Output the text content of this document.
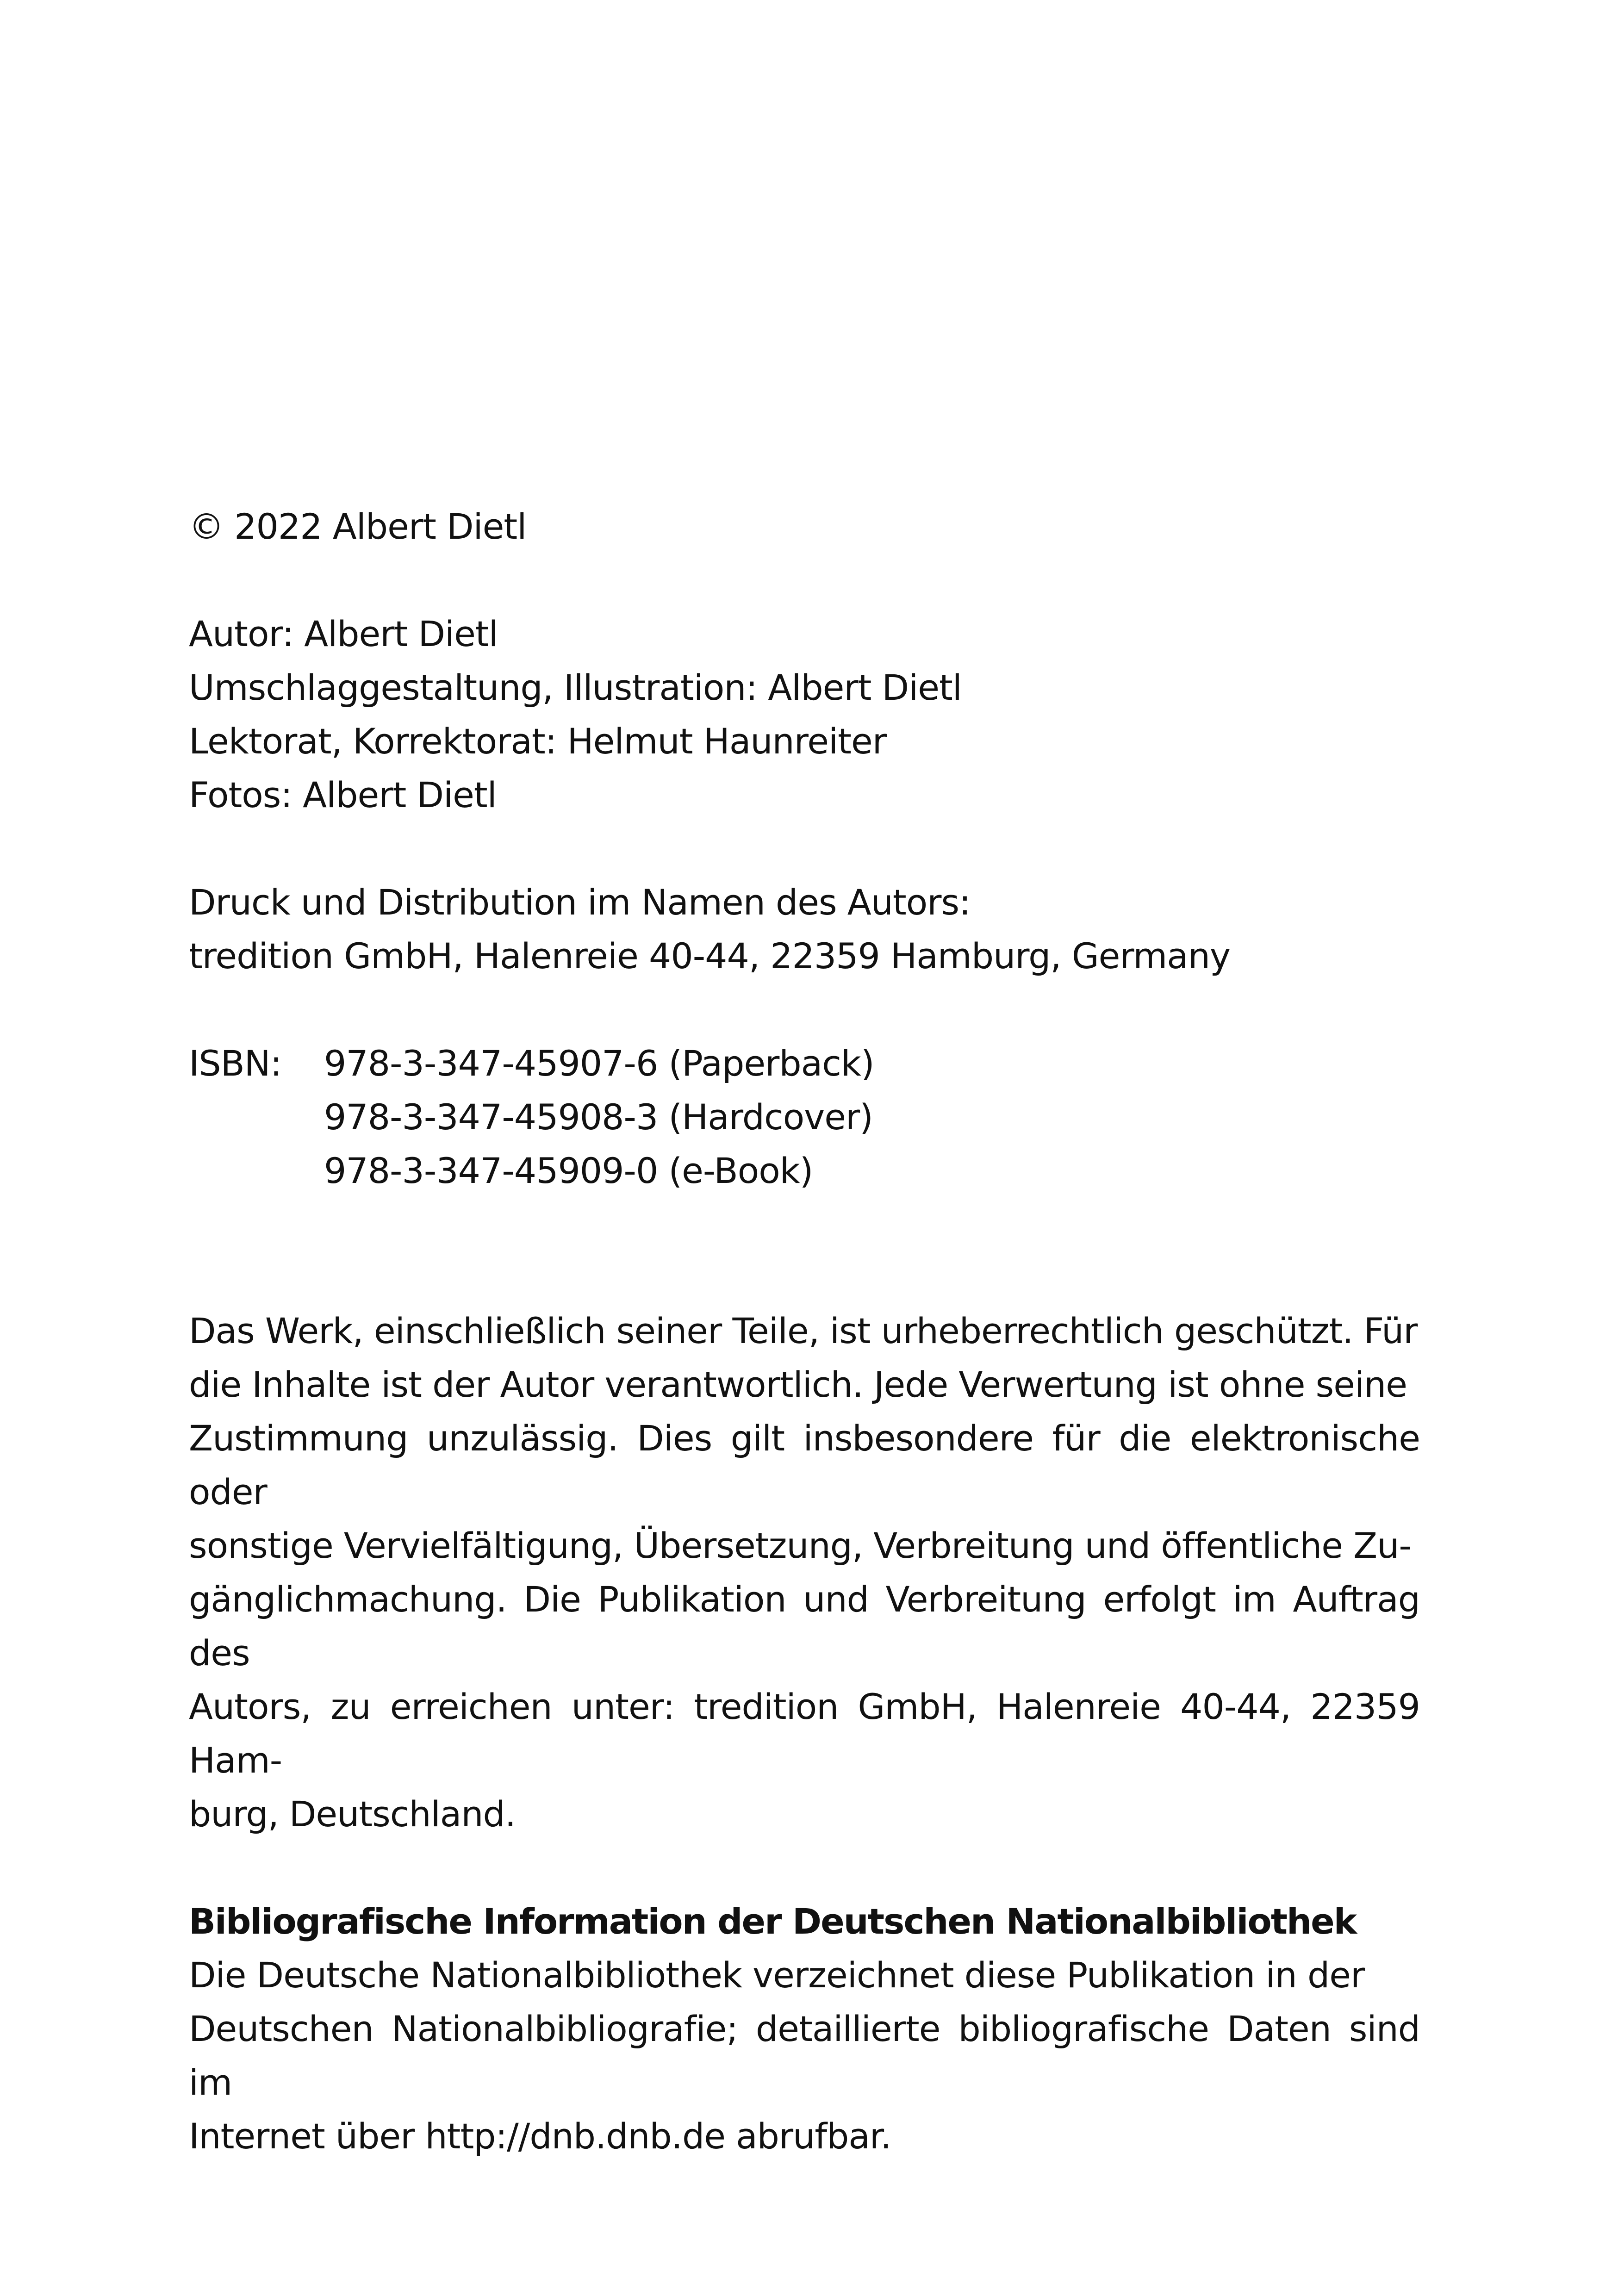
© 2022 Albert Dietl
Autor: Albert Dietl
Umschlaggestaltung, Illustration: Albert Dietl
Lektorat, Korrektorat: Helmut Haunreiter
Fotos: Albert Dietl
Druck und Distribution im Namen des Autors:
tredition GmbH, Halenreie 40-44, 22359 Hamburg, Germany
ISBN:	978-3-347-45907-6 (Paperback)
978-3-347-45908-3 (Hardcover)
978-3-347-45909-0 (e-Book)
Das Werk, einschließlich seiner Teile, ist urheberrechtlich geschützt. Für
die Inhalte ist der Autor verantwortlich. Jede Verwertung ist ohne seine
Zustimmung unzulässig. Dies gilt insbesondere für die elektronische oder
sonstige Vervielfältigung, Übersetzung, Verbreitung und öffentliche Zu-
gänglichmachung. Die Publikation und Verbreitung erfolgt im Auftrag des
Autors, zu erreichen unter: tredition GmbH, Halenreie 40-44, 22359 Ham-
burg, Deutschland.
Bibliografische Information der Deutschen Nationalbibliothek
Die Deutsche Nationalbibliothek verzeichnet diese Publikation in der
Deutschen Nationalbibliografie; detaillierte bibliografische Daten sind im
Internet über http://dnb.dnb.de abrufbar.
